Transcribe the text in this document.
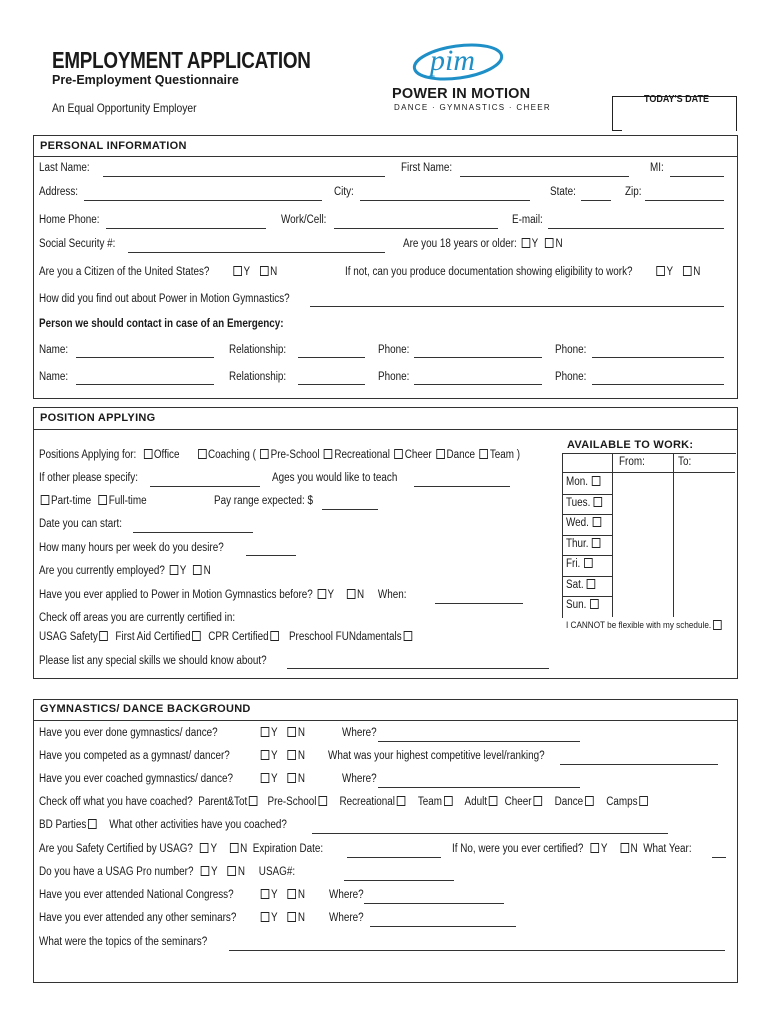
EMPLOYMENT APPLICATION
Pre-Employment Questionnaire
An Equal Opportunity Employer
pim
POWER IN MOTION
DANCE · GYMNASTICS · CHEER
TODAY'S DATE
PERSONAL INFORMATION
Last Name:	First Name:	MI:
Address:	City:	State:	Zip:
Home Phone:	Work/Cell:	E-mail:
Social Security #:	Are you 18 years or older: Y N
Are you a Citizen of the United States?	Y N	If not, can you produce documentation showing eligibility to work?	Y N
How did you find out about Power in Motion Gymnastics?
Person we should contact in case of an Emergency:
Name:	Relationship:	Phone:	Phone:
Name:	Relationship:	Phone:	Phone:
POSITION APPLYING
Positions Applying for: Office Coaching ( Pre-School Recreational Cheer Dance Team )
If other please specify:	Ages you would like to teach
Part-time Full-time	Pay range expected: $
Date you can start:
How many hours per week do you desire?
Are you currently employed? Y N
Have you ever applied to Power in Motion Gymnastics before? Y N When:
Check off areas you are currently certified in:
USAG Safety First Aid Certified CPR Certified Preschool FUNdamentals
Please list any special skills we should know about?
AVAILABLE TO WORK:
From:	To:
Mon.
Tues.
Wed.
Thur.
Fri.
Sat.
Sun.
I CANNOT be flexible with my schedule.
GYMNASTICS/ DANCE BACKGROUND
Have you ever done gymnastics/ dance?	Y N	Where?
Have you competed as a gymnast/ dancer?	Y N What was your highest competitive level/ranking?
Have you ever coached gymnastics/ dance?	Y N	Where?
Check off what you have coached? Parent&Tot Pre-School Recreational Team Adult Cheer Dance Camps
BD Parties What other activities have you coached?
Are you Safety Certified by USAG? Y N Expiration Date:	If No, were you ever certified? Y N What Year:
Do you have a USAG Pro number? Y N USAG#:
Have you ever attended National Congress?	Y N Where?
Have you ever attended any other seminars?	Y N Where?
What were the topics of the seminars?
